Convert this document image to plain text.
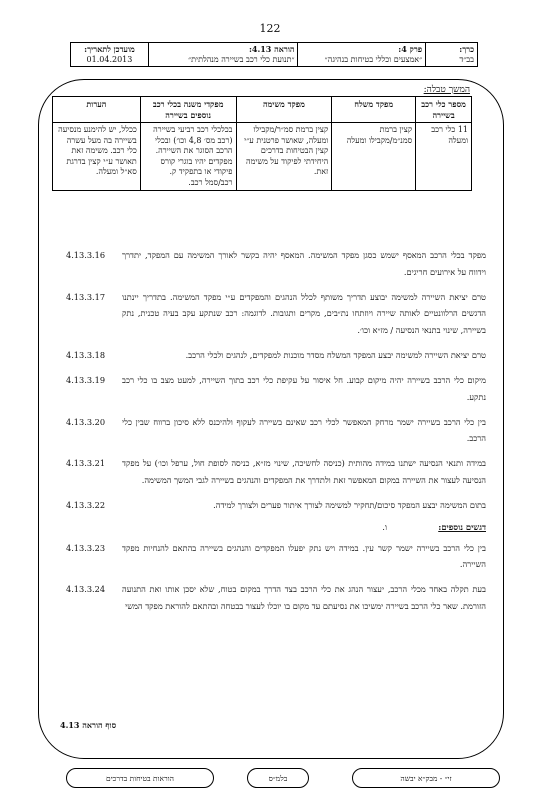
122
כרך:
בב״ד

פרק 4:
״אמצעים וכללי בטיחות בנהיגה״

הוראה 4.13:
״תנועת כלי רכב בשיירה מנהלתית״

מועדכן לתאריך:
01.04.2013
המשך טבלה:
מספר כלי רכב בשיירה	מפקד משלח	מפקד משימה	מפקדי משנה בכלי רכב נוספים בשיירה	הערות
11 כלי רכב ומעלה	קצין ברמת סמנ״מ/מקבילו ומעלה	קצין ברמת סמ״ר/מקבילו ומעלה, שאושר פרטנית ע״י קצין הבטיחות בדרכים היחידתי לפיקוד על משימה זאת.	בכלכלי רכב רביעי בשיירה (רכב מס׳ 4,8 וכו׳) ובכלי הרכב הסוגר את השיירה. מפקדים יהיו בוגרי קורס פיקודי או בתפקיד ק. רכב/סמל רכב.	ככלל, יש להימנע מנסיעה בשיירה בה מעל עשרה כלי רכב. משימה זאת תאושר ע״י קצין בדרגת סא״ל ומעלה.
4.13.3.16	מפקד בכלי הרכב המאסף ישמש כסגן מפקד המשימה. המאסף יהיה בקשר לאורך המשימה עם המפקד, יתדרך וידווח על אירועים חריגים.
4.13.3.17	טרם יציאת השיירה למשימה יבוצע תדריך משותף לכלל הנהגים והמפקדים ע״י מפקד המשימה. בתדריך יינתנו הדגשים הרלוונטיים לאותה שיירה ויוזתחו נת״בים, מקרים ותגובות. לדוגמה: רכב שנתקע עקב בעיה טכנית, נתק בשיירה, שינוי בתנאי הנסיעה / מז״א וכו׳.
4.13.3.18	טרם יציאת השיירה למשימה יבצע המפקד המשלח מסדר מוכנות למפקדים, לנהגים ולכלי הרכב.
4.13.3.19	מיקום כלי הרכב בשיירה יהיה מיקום קבוע. חל איסור על עקיפת כלי רכב בתוך השיירה, למעט מצב בו כלי רכב נתקע.
4.13.3.20	בין כלי הרכב בשיירה ישמר מרחק המאפשר לכלי רכב שאינם בשיירה לעקוף ולהיכנס ללא סיכון ברווח שבין כלי הרכב.
4.13.3.21	במידה ותנאי הנסיעה ישתנו במידה מהותית (כניסה לחשיכה, שינוי מז״א, כניסה לסופת חול, ערפל וכו׳) על מפקד הנסיעה לעצור את השיירה במקום המאפשר זאת ולתדרך את המפקדים והנהגים בשיירה לגבי המשך המשימה.
4.13.3.22	בתום המשימה יבצע המפקד סיכום/תחקיר למשימה לצורך איתור פערים ולצורך למידה.
ו.	דגשים נוספים:
4.13.3.23	בין כלי הרכב בשיירה ישמר קשר עין. במידה ויש נתק יפעלו המפקדים והנהגים בשיירה בהתאם להנחיות מפקד השיירה.
4.13.3.24	בעת תקלה באחד מכלי הרכב, יעצור הנהג את כלי הרכב בצד הדרך במקום בטוח, שלא יסכן אותו ואת התנועה הזורמת. שאר כלי הרכב בשיירה ימשיכו את נסיעתם עד מקום בו יוכלו לעצור בבטחה ובהתאם להוראת מפקד המשי
סוף הוראה 4.13
הוראות בטיחות בדרכים	בלמ״ס	זי״ - מבק״א יבשה
